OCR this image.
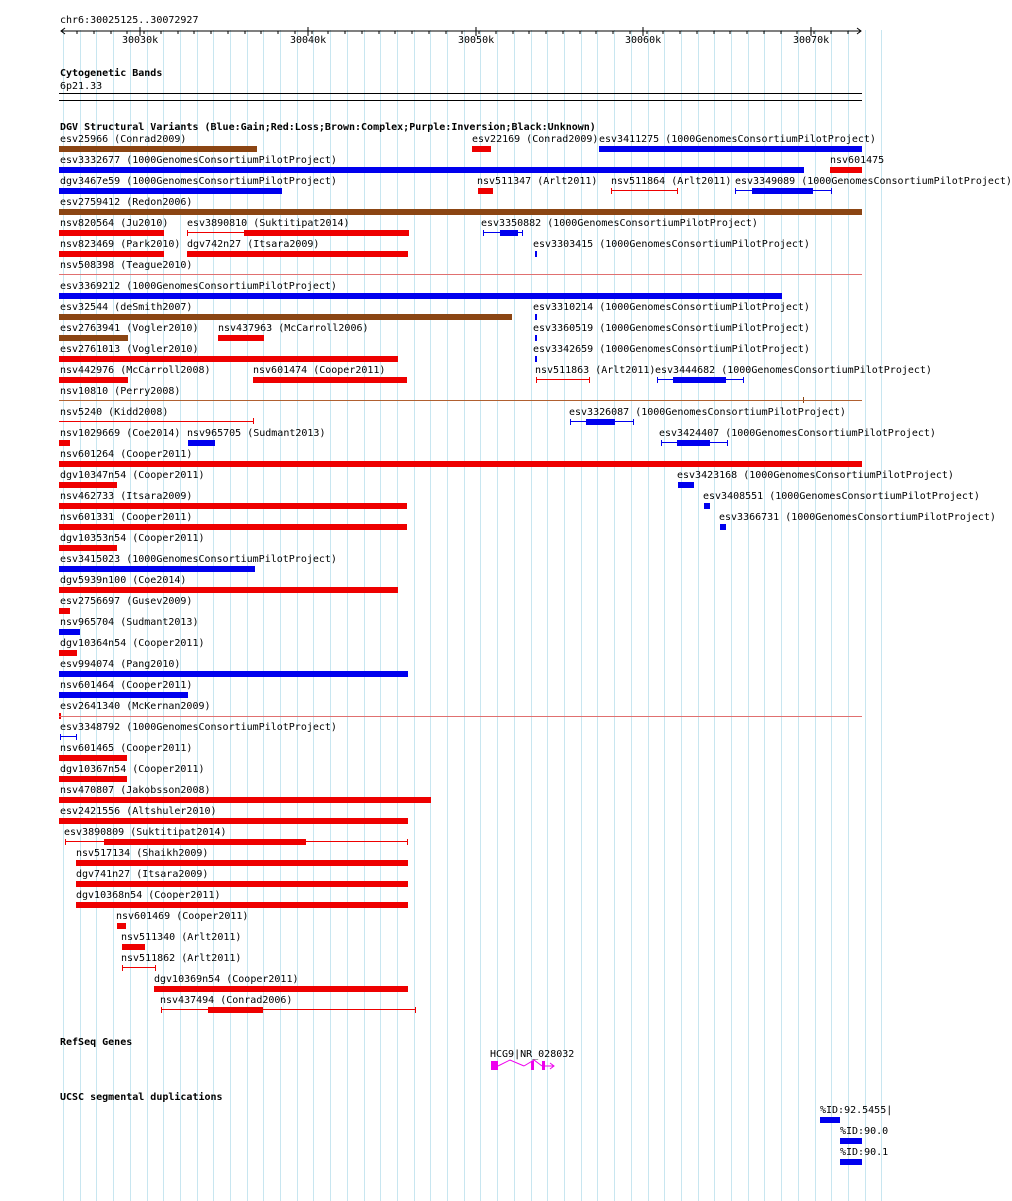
chr6:30025125..30072927
30030k	30040k	30050k	30060k	30070k
Cytogenetic Bands
6p21.33
DGV Structural Variants (Blue:Gain;Red:Loss;Brown:Complex;Purple:Inversion;Black:Unknown)
esv25966 (Conrad2009)	esv22169 (Conrad2009) esv3411275 (1000GenomesConsortiumPilotProject)
esv3332677 (1000GenomesConsortiumPilotProject)	nsv601475
dgv3467e59 (1000GenomesConsortiumPilotProject)	nsv511347 (Arlt2011) nsv511864 (Arlt2011) esv3349089 (1000GenomesConsortiumPilotProject)
esv2759412 (Redon2006)
nsv820564 (Ju2010) esv3890810 (Suktitipat2014)	esv3350882 (1000GenomesConsortiumPilotProject)
nsv823469 (Park2010) dgv742n27 (Itsara2009)	esv3303415 (1000GenomesConsortiumPilotProject)
nsv508398 (Teague2010)
esv3369212 (1000GenomesConsortiumPilotProject)
esv32544 (deSmith2007)	esv3310214 (1000GenomesConsortiumPilotProject)
esv2763941 (Vogler2010) nsv437963 (McCarroll2006)	esv3360519 (1000GenomesConsortiumPilotProject)
esv2761013 (Vogler2010)	esv3342659 (1000GenomesConsortiumPilotProject)
nsv442976 (McCarroll2008)	nsv601474 (Cooper2011)	nsv511863 (Arlt2011) esv3444682 (1000GenomesConsortiumPilotProject)
nsv10810 (Perry2008)
nsv5240 (Kidd2008)	esv3326087 (1000GenomesConsortiumPilotProject)
nsv1029669 (Coe2014) nsv965705 (Sudmant2013)	esv3424407 (1000GenomesConsortiumPilotProject)
nsv601264 (Cooper2011)
dgv10347n54 (Cooper2011)	esv3423168 (1000GenomesConsortiumPilotProject)
nsv462733 (Itsara2009)	esv3408551 (1000GenomesConsortiumPilotProject)
nsv601331 (Cooper2011)	esv3366731 (1000GenomesConsortiumPilotProject)
dgv10353n54 (Cooper2011)
esv3415023 (1000GenomesConsortiumPilotProject)
dgv5939n100 (Coe2014)
esv2756697 (Gusev2009)
nsv965704 (Sudmant2013)
dgv10364n54 (Cooper2011)
esv994074 (Pang2010)
nsv601464 (Cooper2011)
esv2641340 (McKernan2009)
esv3348792 (1000GenomesConsortiumPilotProject)
nsv601465 (Cooper2011)
dgv10367n54 (Cooper2011)
nsv470807 (Jakobsson2008)
esv2421556 (Altshuler2010)
esv3890809 (Suktitipat2014)
nsv517134 (Shaikh2009)
dgv741n27 (Itsara2009)
dgv10368n54 (Cooper2011)
nsv601469 (Cooper2011)
nsv511340 (Arlt2011)
nsv511862 (Arlt2011)
dgv10369n54 (Cooper2011)
nsv437494 (Conrad2006)
RefSeq Genes
HCG9|NR_028032
UCSC segmental duplications
%ID:92.5455|
%ID:90.0
%ID:90.1
